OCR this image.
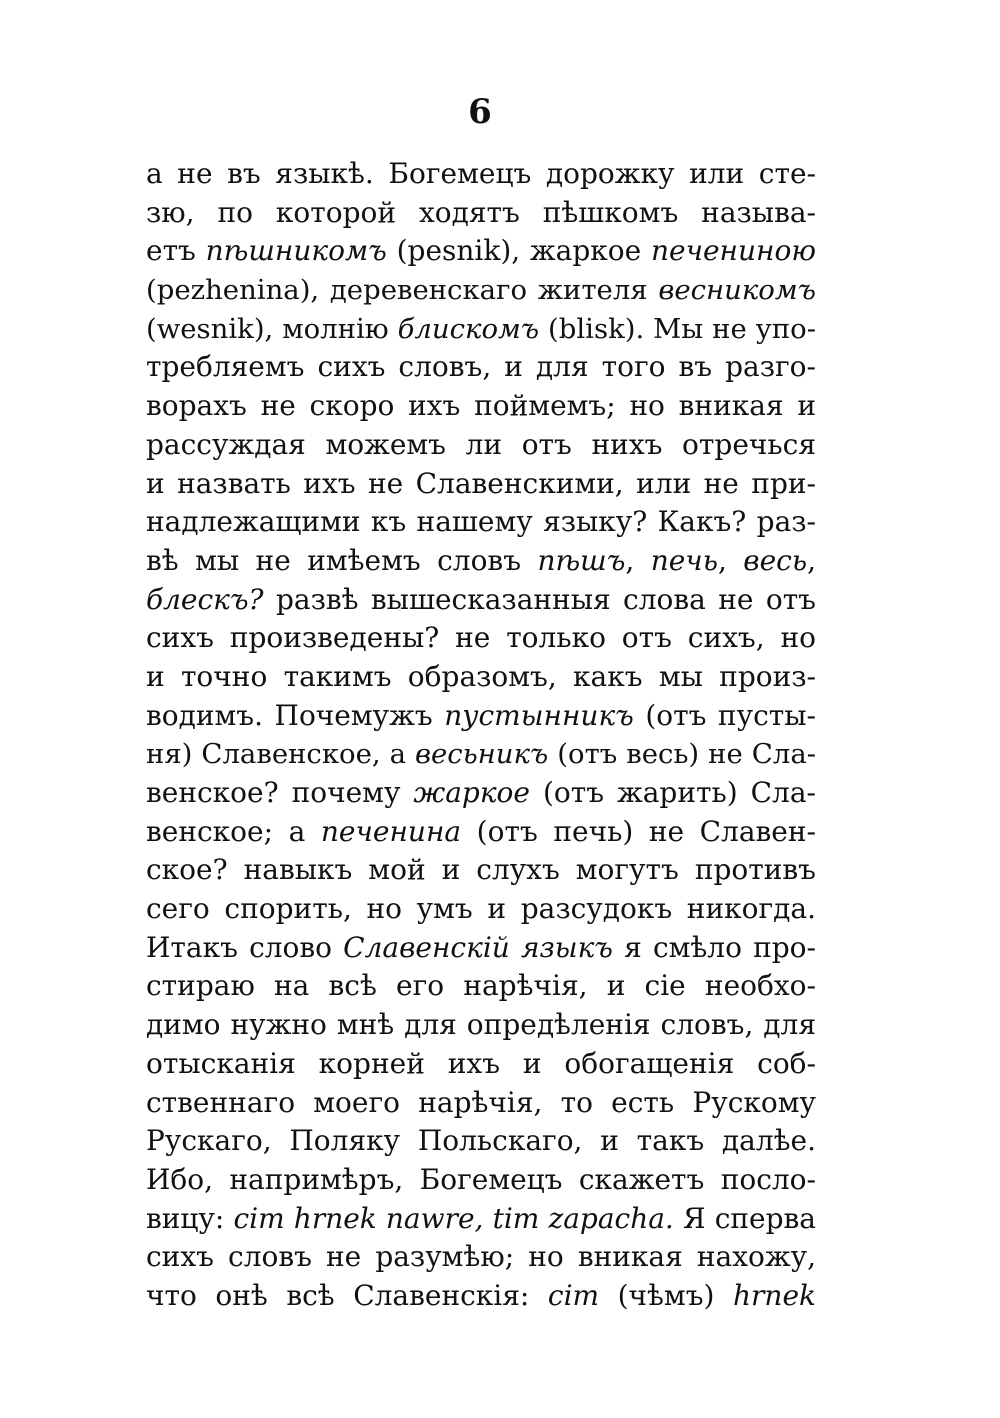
6
а не въ языкѣ. Богемецъ дорожку или сте-
зю, по которой ходятъ пѣшкомъ называ-
етъ пѣшникомъ (pesnik), жаркое печениною
(pezhenina), деревенскаго жителя весникомъ
(wesnik), молнію блискомъ (blisk). Мы не упо-
требляемъ сихъ словъ, и для того въ разго-
ворахъ не скоро ихъ поймемъ; но вникая и
рассуждая можемъ ли отъ нихъ отречься
и назвать ихъ не Славенскими, или не при-
надлежащими къ нашему языку? Какъ? раз-
вѣ мы не имѣемъ словъ пѣшъ, печь, весь,
блескъ? развѣ вышесказанныя слова не отъ
сихъ произведены? не только отъ сихъ, но
и точно такимъ образомъ, какъ мы произ-
водимъ. Почемужъ пустынникъ (отъ пусты-
ня) Славенское, а весьникъ (отъ весь) не Сла-
венское? почему жаркое (отъ жарить) Сла-
венское; а печенина (отъ печь) не Славен-
ское? навыкъ мой и слухъ могутъ противъ
сего спорить, но умъ и разсудокъ никогда.
Итакъ слово Славенскій языкъ я смѣло про-
стираю на всѣ его нарѣчія, и сіе необхо-
димо нужно мнѣ для опредѣленія словъ, для
отысканія корней ихъ и обогащенія соб-
ственнаго моего нарѣчія, то есть Рускому
Рускаго, Поляку Польскаго, и такъ далѣе.
Ибо, напримѣръ, Богемецъ скажетъ посло-
вицу: cim hrnek nawre, tim zapacha. Я сперва
сихъ словъ не разумѣю; но вникая нахожу,
что онѣ всѣ Славенскія: cim (чѣмъ) hrnek
